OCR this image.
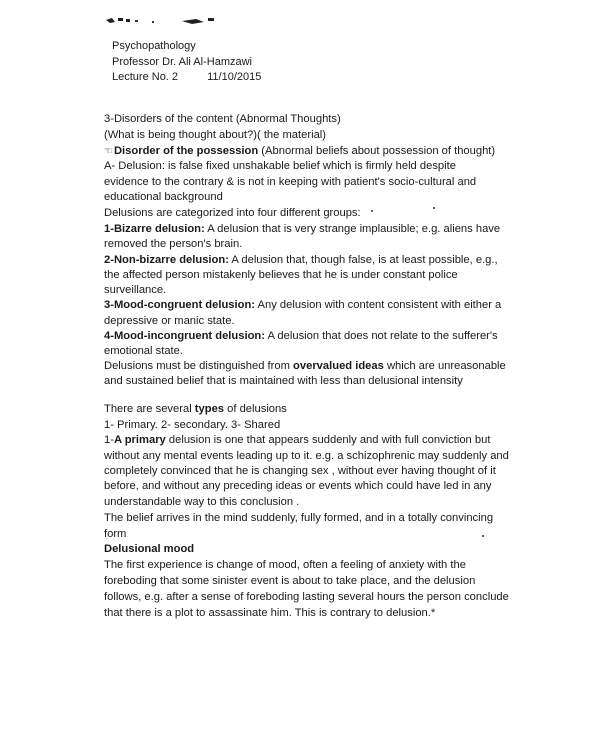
Psychopathology
Professor Dr. Ali Al-Hamzawi
Lecture No. 2	11/10/2015
3-Disorders of the content (Abnormal Thoughts)
(What is being thought about?)( the material)
☜Disorder of the possession (Abnormal beliefs about possession of thought)
A- Delusion: is false fixed unshakable belief which is firmly held despite
evidence to the contrary & is not in keeping with patient's socio-cultural and
educational background
Delusions are categorized into four different groups:
1-Bizarre delusion: A delusion that is very strange implausible; e.g. aliens have
removed the person's brain.
2-Non-bizarre delusion: A delusion that, though false, is at least possible, e.g.,
the affected person mistakenly believes that he is under constant police
surveillance.
3-Mood-congruent delusion: Any delusion with content consistent with either a
depressive or manic state.
4-Mood-incongruent delusion: A delusion that does not relate to the sufferer's
emotional state.
Delusions must be distinguished from overvalued ideas which are unreasonable
and sustained belief that is maintained with less than delusional intensity
There are several types of delusions
1- Primary. 2- secondary. 3- Shared
1-A primary delusion is one that appears suddenly and with full conviction but
without any mental events leading up to it. e.g. a schizophrenic may suddenly and
completely convinced that he is changing sex , without ever having thought of it
before, and without any preceding ideas or events which could have led in any
understandable way to this conclusion .
The belief arrives in the mind suddenly, fully formed, and in a totally convincing
form
Delusional mood
The first experience is change of mood, often a feeling of anxiety with the
foreboding that some sinister event is about to take place, and the delusion
follows, e.g. after a sense of foreboding lasting several hours the person conclude
that there is a plot to assassinate him. This is contrary to delusion.*
